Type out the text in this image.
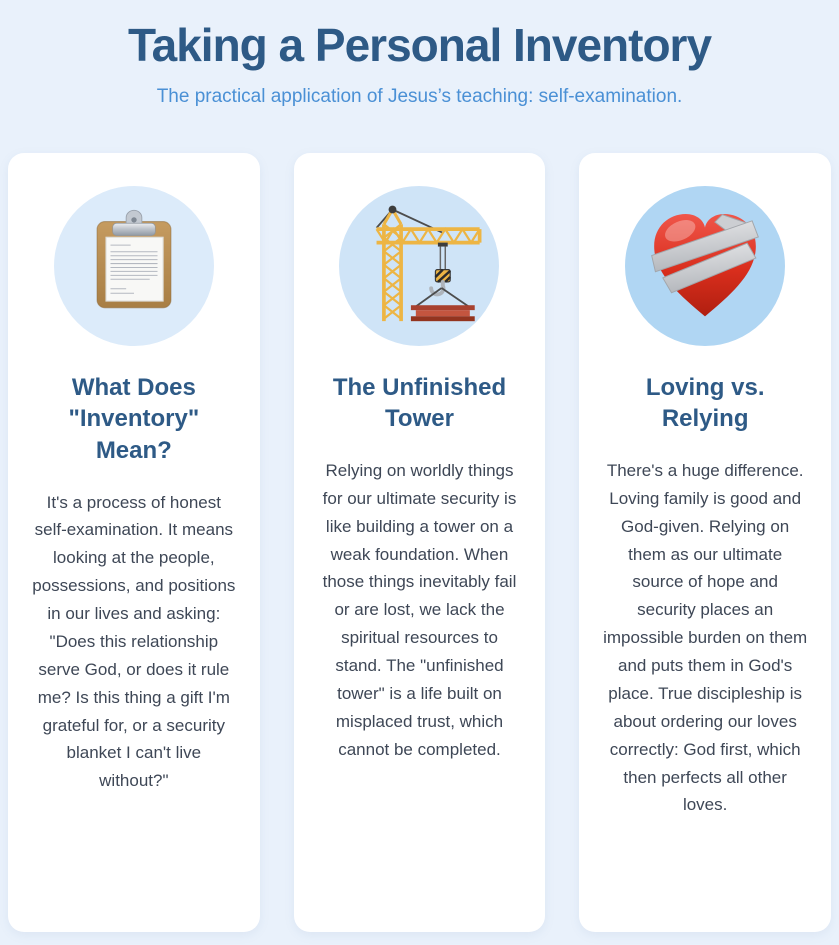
Taking a Personal Inventory

The practical application of Jesus’s teaching: self-examination.

What Does "Inventory" Mean?

It's a process of honest self-examination. It means looking at the people, possessions, and positions in our lives and asking: "Does this relationship serve God, or does it rule me? Is this thing a gift I'm grateful for, or a security blanket I can't live without?"

The Unfinished Tower

Relying on worldly things for our ultimate security is like building a tower on a weak foundation. When those things inevitably fail or are lost, we lack the spiritual resources to stand. The "unfinished tower" is a life built on misplaced trust, which cannot be completed.

Loving vs. Relying

There's a huge difference. Loving family is good and God-given. Relying on them as our ultimate source of hope and security places an impossible burden on them and puts them in God's place. True discipleship is about ordering our loves correctly: God first, which then perfects all other loves.
